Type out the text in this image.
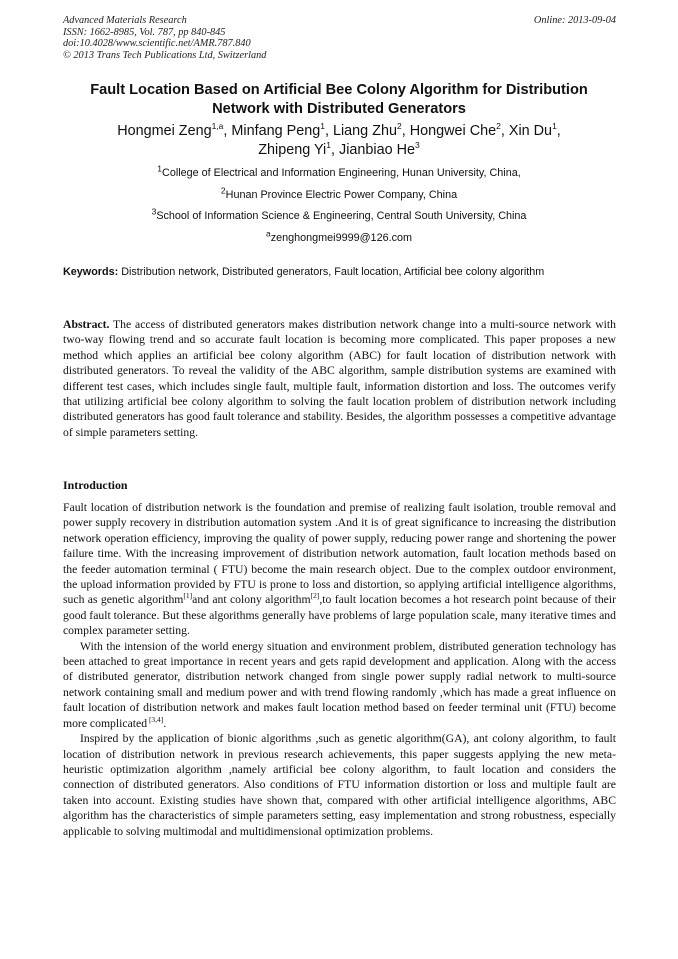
Advanced Materials Research
ISSN: 1662-8985, Vol. 787, pp 840-845
doi:10.4028/www.scientific.net/AMR.787.840
© 2013 Trans Tech Publications Ltd, Switzerland
Online: 2013-09-04
Fault Location Based on Artificial Bee Colony Algorithm for Distribution
Network with Distributed Generators
Hongmei Zeng$^{1,a}$, Minfang Peng$^1$, Liang Zhu$^2$, Hongwei Che$^2$, Xin Du$^1$,
Zhipeng Yi$^1$, Jianbiao He$^3$
$^1$College of Electrical and Information Engineering, Hunan University, China,
$^2$Hunan Province Electric Power Company, China
$^3$School of Information Science & Engineering, Central South University, China
$^a$zenghongmei9999@126.com
Keywords: Distribution network, Distributed generators, Fault location, Artificial bee colony algorithm
Abstract. The access of distributed generators makes distribution network change into a multi-source network with two-way flowing trend and so accurate fault location is becoming more complicated. This paper proposes a new method which applies an artificial bee colony algorithm (ABC) for fault location of distribution network with distributed generators. To reveal the validity of the ABC algorithm, sample distribution systems are examined with different test cases, which includes single fault, multiple fault, information distortion and loss. The outcomes verify that utilizing artificial bee colony algorithm to solving the fault location problem of distribution network including distributed generators has good fault tolerance and stability. Besides, the algorithm possesses a competitive advantage of simple parameters setting.
Introduction

Fault location of distribution network is the foundation and premise of realizing fault isolation, trouble removal and power supply recovery in distribution automation system .And it is of great significance to increasing the distribution network operation efficiency, improving the quality of power supply, reducing power range and shortening the power failure time. With the increasing improvement of distribution network automation, fault location methods based on the feeder automation terminal ( FTU) become the main research object. Due to the complex outdoor environment, the upload information provided by FTU is prone to loss and distortion, so applying artificial intelligence algorithms, such as genetic algorithm[1]and ant colony algorithm[2],to fault location becomes a hot research point because of their good fault tolerance. But these algorithms generally have problems of large population scale, many iterative times and complex parameter setting.

With the intension of the world energy situation and environment problem, distributed generation technology has been attached to great importance in recent years and gets rapid development and application. Along with the access of distributed generator, distribution network changed from single power supply radial network to multi-source network containing small and medium power and with trend flowing randomly ,which has made a great influence on fault location of distribution network and makes fault location method based on feeder terminal unit (FTU) become more complicated [3,4].

Inspired by the application of bionic algorithms ,such as genetic algorithm(GA), ant colony algorithm, to fault location of distribution network in previous research achievements, this paper suggests applying the new meta-heuristic optimization algorithm ,namely artificial bee colony algorithm, to fault location and considers the connection of distributed generators. Also conditions of FTU information distortion or loss and multiple fault are taken into account. Existing studies have shown that, compared with other artificial intelligence algorithms, ABC algorithm has the characteristics of simple parameters setting, easy implementation and strong robustness, especially applicable to solving multimodal and multidimensional optimization problems.
